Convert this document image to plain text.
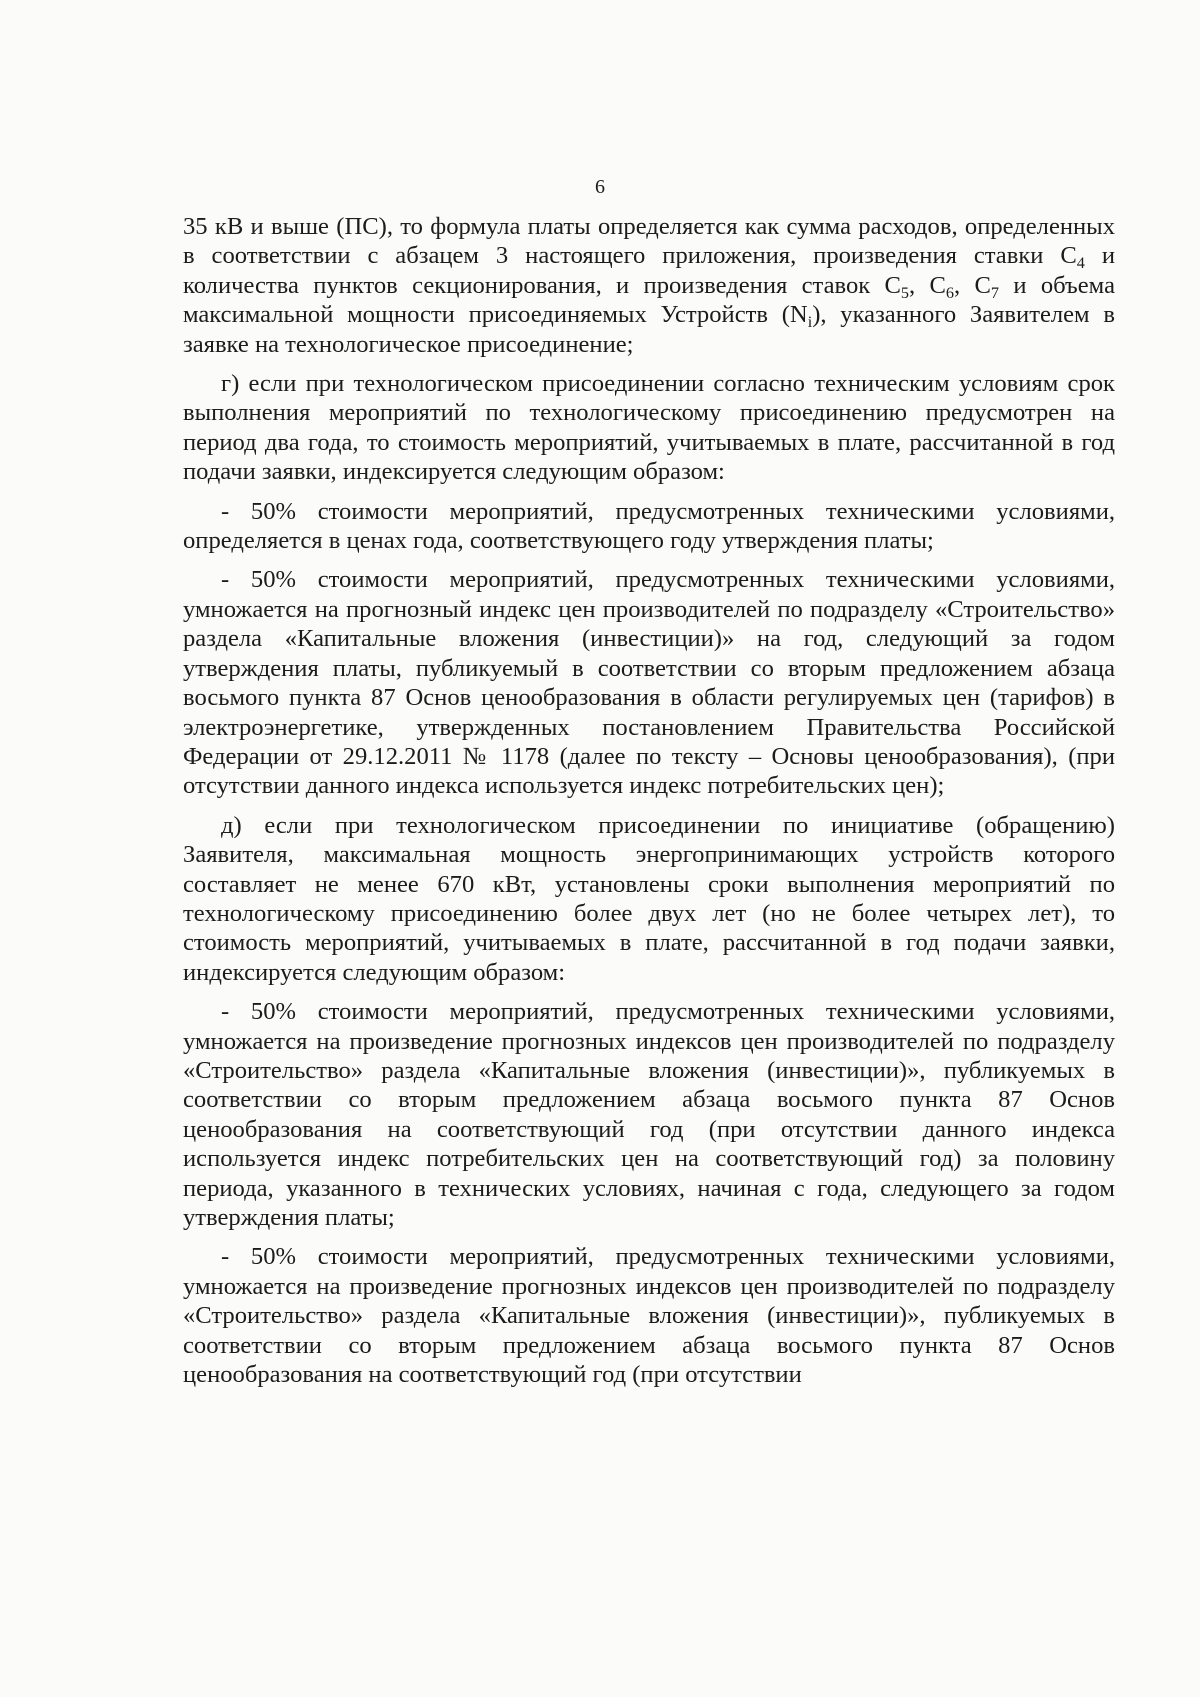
6

35 кВ и выше (ПС), то формула платы определяется как сумма расходов, определенных в соответствии с абзацем 3 настоящего приложения, произведения ставки $С_4$ и количества пунктов секционирования, и произведения ставок $С_5$, $С_6$, $С_7$ и объема максимальной мощности присоединяемых Устройств $(N_i)$, указанного Заявителем в заявке на технологическое присоединение;

г) если при технологическом присоединении согласно техническим условиям срок выполнения мероприятий по технологическому присоединению предусмотрен на период два года, то стоимость мероприятий, учитываемых в плате, рассчитанной в год подачи заявки, индексируется следующим образом:

- 50% стоимости мероприятий, предусмотренных техническими условиями, определяется в ценах года, соответствующего году утверждения платы;

- 50% стоимости мероприятий, предусмотренных техническими условиями, умножается на прогнозный индекс цен производителей по подразделу «Строительство» раздела «Капитальные вложения (инвестиции)» на год, следующий за годом утверждения платы, публикуемый в соответствии со вторым предложением абзаца восьмого пункта 87 Основ ценообразования в области регулируемых цен (тарифов) в электроэнергетике, утвержденных постановлением Правительства Российской Федерации от 29.12.2011 № 1178 (далее по тексту – Основы ценообразования), (при отсутствии данного индекса используется индекс потребительских цен);

д) если при технологическом присоединении по инициативе (обращению) Заявителя, максимальная мощность энергопринимающих устройств которого составляет не менее 670 кВт, установлены сроки выполнения мероприятий по технологическому присоединению более двух лет (но не более четырех лет), то стоимость мероприятий, учитываемых в плате, рассчитанной в год подачи заявки, индексируется следующим образом:

- 50% стоимости мероприятий, предусмотренных техническими условиями, умножается на произведение прогнозных индексов цен производителей по подразделу «Строительство» раздела «Капитальные вложения (инвестиции)», публикуемых в соответствии со вторым предложением абзаца восьмого пункта 87 Основ ценообразования на соответствующий год (при отсутствии данного индекса используется индекс потребительских цен на соответствующий год) за половину периода, указанного в технических условиях, начиная с года, следующего за годом утверждения платы;

- 50% стоимости мероприятий, предусмотренных техническими условиями, умножается на произведение прогнозных индексов цен производителей по подразделу «Строительство» раздела «Капитальные вложения (инвестиции)», публикуемых в соответствии со вторым предложением абзаца восьмого пункта 87 Основ ценообразования на соответствующий год (при отсутствии
